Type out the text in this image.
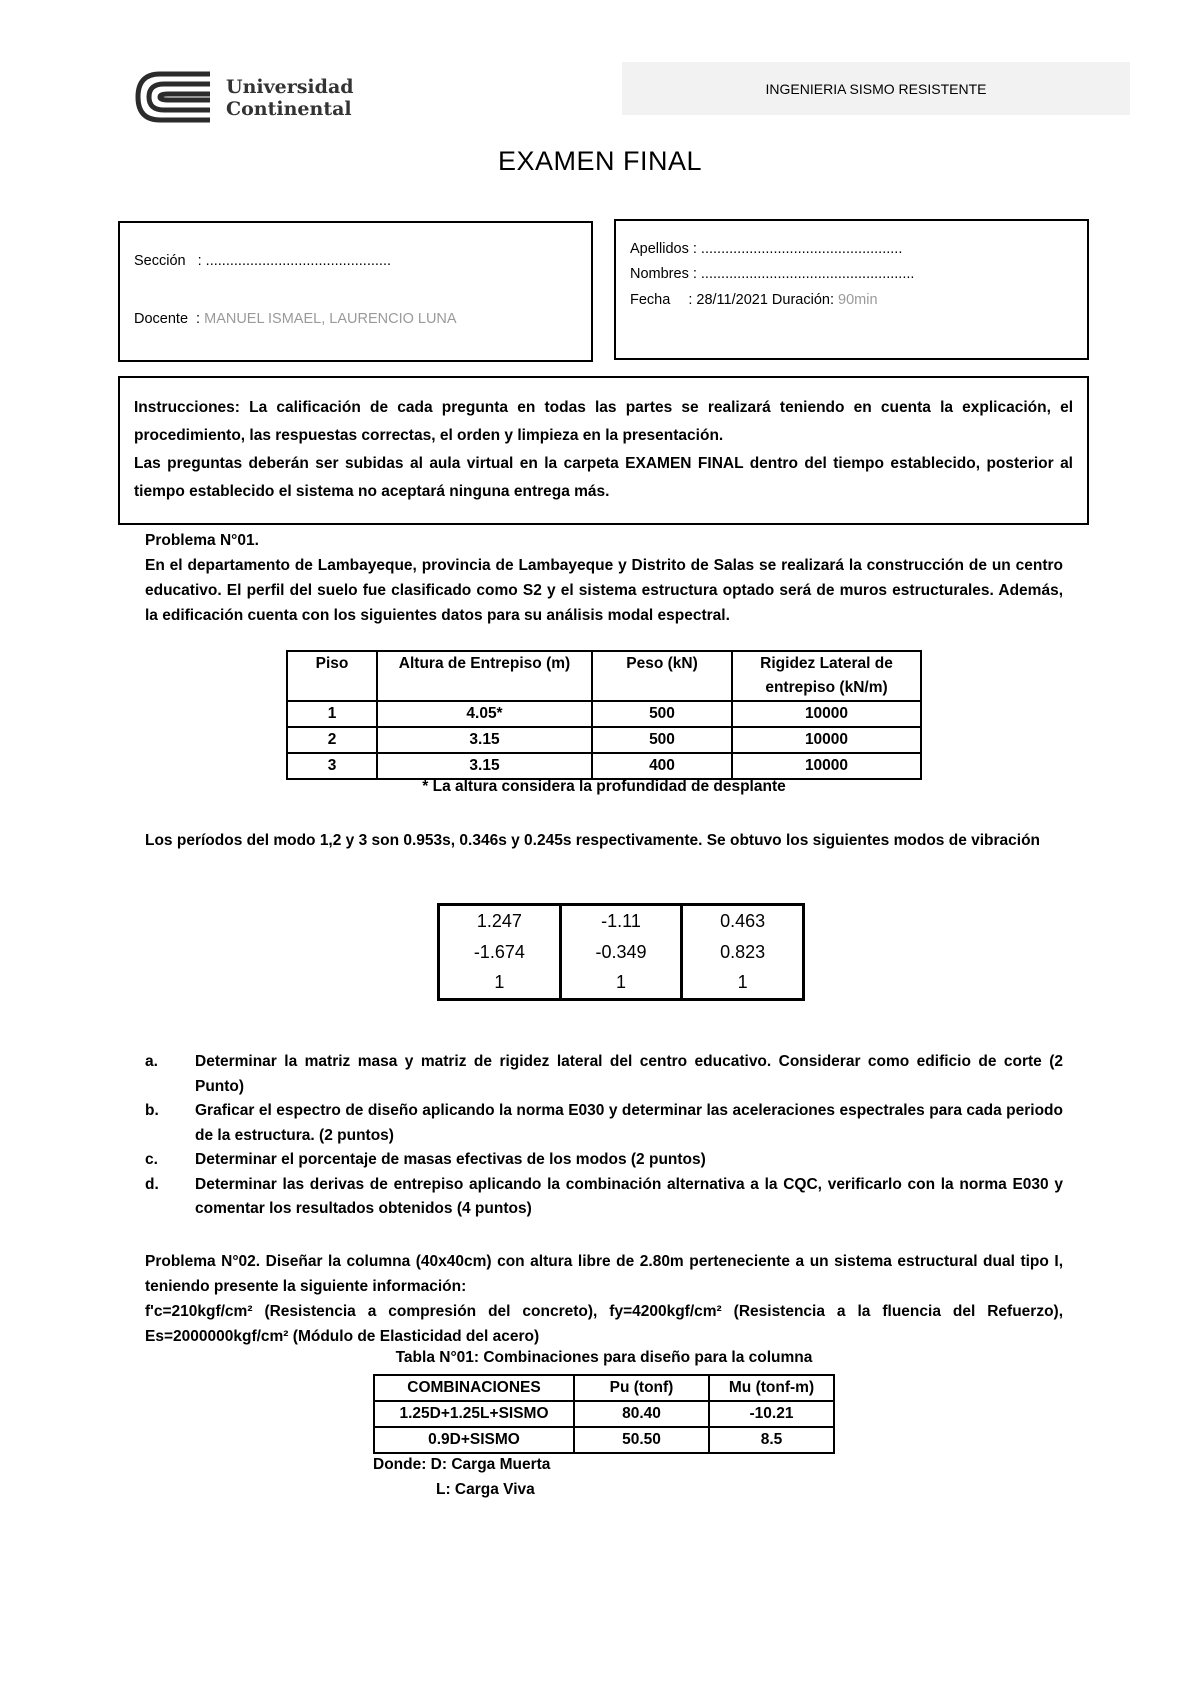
Universidad
Continental
INGENIERIA SISMO RESISTENTE
EXAMEN FINAL
Sección : ..............................................
Docente : MANUEL ISMAEL, LAURENCIO LUNA
Apellidos : ..................................................
Nombres : .....................................................
Fecha : 28/11/2021 Duración: 90min
Instrucciones: La calificación de cada pregunta en todas las partes se realizará teniendo en cuenta la explicación, el procedimiento, las respuestas correctas, el orden y limpieza en la presentación.
Las preguntas deberán ser subidas al aula virtual en la carpeta EXAMEN FINAL dentro del tiempo establecido, posterior al tiempo establecido el sistema no aceptará ninguna entrega más.
Problema N°01.
En el departamento de Lambayeque, provincia de Lambayeque y Distrito de Salas se realizará la construcción de un centro educativo. El perfil del suelo fue clasificado como S2 y el sistema estructura optado será de muros estructurales. Además, la edificación cuenta con los siguientes datos para su análisis modal espectral.
Piso	Altura de Entrepiso (m)	Peso (kN)	Rigidez Lateral de entrepiso (kN/m)
1	4.05*	500	10000
2	3.15	500	10000
3	3.15	400	10000
* La altura considera la profundidad de desplante
Los períodos del modo 1,2 y 3 son 0.953s, 0.346s y 0.245s respectivamente. Se obtuvo los siguientes modos de vibración
1.247	-1.11	0.463
-1.674	-0.349	0.823
1	1	1
a.	Determinar la matriz masa y matriz de rigidez lateral del centro educativo. Considerar como edificio de corte (2 Punto)
b.	Graficar el espectro de diseño aplicando la norma E030 y determinar las aceleraciones espectrales para cada periodo de la estructura. (2 puntos)
c.	Determinar el porcentaje de masas efectivas de los modos (2 puntos)
d.	Determinar las derivas de entrepiso aplicando la combinación alternativa a la CQC, verificarlo con la norma E030 y comentar los resultados obtenidos (4 puntos)
Problema N°02. Diseñar la columna (40x40cm) con altura libre de 2.80m perteneciente a un sistema estructural dual tipo I, teniendo presente la siguiente información:
f'c=210kgf/cm² (Resistencia a compresión del concreto), fy=4200kgf/cm² (Resistencia a la fluencia del Refuerzo), Es=2000000kgf/cm² (Módulo de Elasticidad del acero)
Tabla N°01: Combinaciones para diseño para la columna
COMBINACIONES	Pu (tonf)	Mu (tonf-m)
1.25D+1.25L+SISMO	80.40	-10.21
0.9D+SISMO	50.50	8.5
Donde: D: Carga Muerta
L: Carga Viva
